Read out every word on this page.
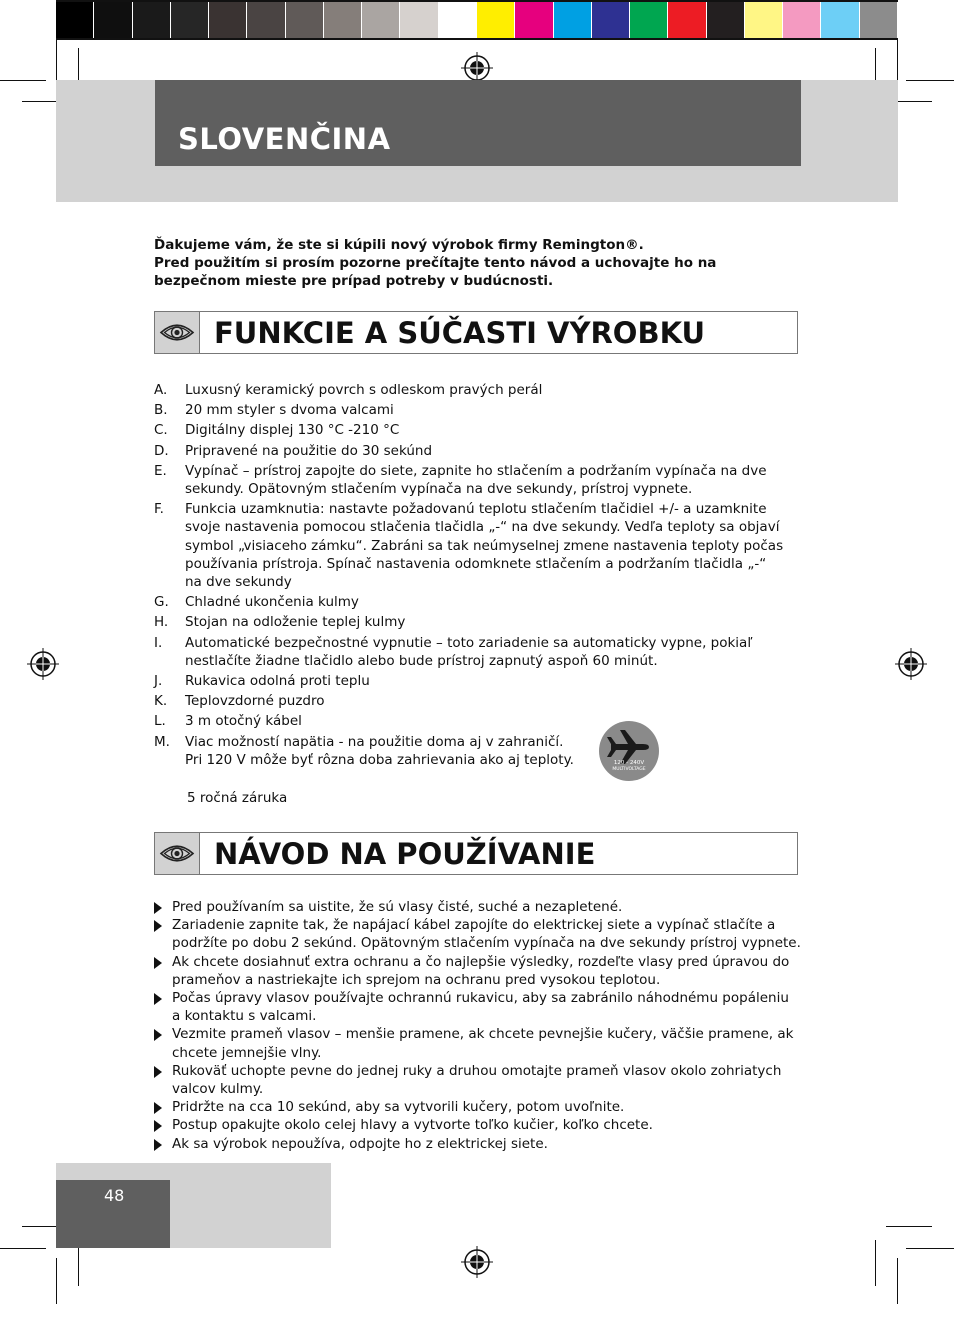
SLOVENČINA
Ďakujeme vám, že ste si kúpili nový výrobok firmy Remington®.
Pred použitím si prosím pozorne prečítajte tento návod a uchovajte ho na
bezpečnom mieste pre prípad potreby v budúcnosti.
FUNKCIE A SÚČASTI VÝROBKU
A. Luxusný keramický povrch s odleskom pravých perál
B. 20 mm styler s dvoma valcami
C. Digitálny displej 130 °C -210 °C
D. Pripravené na použitie do 30 sekúnd
E. Vypínač – prístroj zapojte do siete, zapnite ho stlačením a podržaním vypínača na dve
sekundy. Opätovným stlačením vypínača na dve sekundy, prístroj vypnete.
F. Funkcia uzamknutia: nastavte požadovanú teplotu stlačením tlačidiel +/- a uzamknite
svoje nastavenia pomocou stlačenia tlačidla „-“ na dve sekundy. Vedľa teploty sa objaví
symbol „visiaceho zámku“. Zabráni sa tak neúmyselnej zmene nastavenia teploty počas
používania prístroja. Spínač nastavenia odomknete stlačením a podržaním tlačidla „-“
na dve sekundy
G. Chladné ukončenia kulmy
H. Stojan na odloženie teplej kulmy
I. Automatické bezpečnostné vypnutie – toto zariadenie sa automaticky vypne, pokiaľ
nestlačíte žiadne tlačidlo alebo bude prístroj zapnutý aspoň 60 minút.
J. Rukavica odolná proti teplu
K. Teplovzdorné puzdro
L. 3 m otočný kábel
M. Viac možností napätia - na použitie doma aj v zahraničí.
Pri 120 V môže byť rôzna doba zahrievania ako aj teploty.
5 ročná záruka
120 - 240V
MULTIVOLTAGE
NÁVOD NA POUŽÍVANIE
Pred používaním sa uistite, že sú vlasy čisté, suché a nezapletené.
Zariadenie zapnite tak, že napájací kábel zapojíte do elektrickej siete a vypínač stlačíte a
podržíte po dobu 2 sekúnd. Opätovným stlačením vypínača na dve sekundy prístroj vypnete.
Ak chcete dosiahnuť extra ochranu a čo najlepšie výsledky, rozdeľte vlasy pred úpravou do
prameňov a nastriekajte ich sprejom na ochranu pred vysokou teplotou.
Počas úpravy vlasov používajte ochrannú rukavicu, aby sa zabránilo náhodnému popáleniu
a kontaktu s valcami.
Vezmite prameň vlasov – menšie pramene, ak chcete pevnejšie kučery, väčšie pramene, ak
chcete jemnejšie vlny.
Rukoväť uchopte pevne do jednej ruky a druhou omotajte prameň vlasov okolo zohriatych
valcov kulmy.
Pridržte na cca 10 sekúnd, aby sa vytvorili kučery, potom uvoľnite.
Postup opakujte okolo celej hlavy a vytvorte toľko kučier, koľko chcete.
Ak sa výrobok nepoužíva, odpojte ho z elektrickej siete.
48
